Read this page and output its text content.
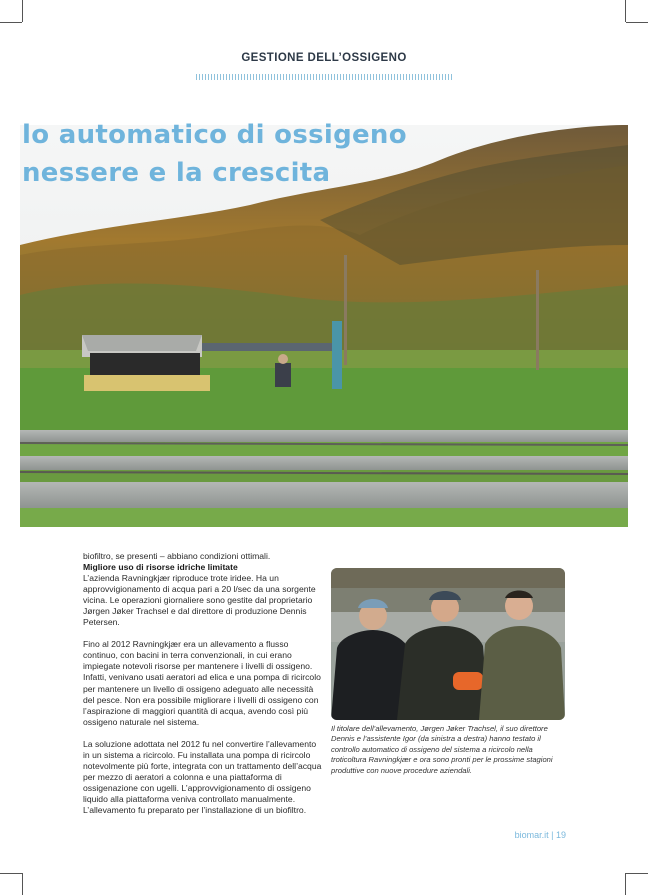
GESTIONE DELL’OSSIGENO
lo automatico di ossigeno
nessere e la crescita

biofiltro, se presenti – abbiano condizioni ottimali.
Migliore uso di risorse idriche limitate
L’azienda Ravningkjær riproduce trote iridee. Ha un approvvigionamento di acqua pari a 20 l/sec da una sorgente vicina. Le operazioni giornaliere sono gestite dal proprietario Jørgen Jøker Trachsel e dal direttore di produzione Dennis Petersen.

Fino al 2012 Ravningkjær era un allevamento a flusso continuo, con bacini in terra convenzionali, in cui erano impiegate notevoli risorse per mantenere i livelli di ossigeno. Infatti, venivano usati aeratori ad elica e una pompa di ricircolo per mantenere un livello di ossigeno adeguato alle necessità del pesce. Non era possibile migliorare i livelli di ossigeno con l’aspirazione di maggiori quantità di acqua, avendo così più ossigeno naturale nel sistema.

La soluzione adottata nel 2012 fu nel convertire l’allevamento in un sistema a ricircolo. Fu installata una pompa di ricircolo notevolmente più forte, integrata con un trattamento dell’acqua per mezzo di aeratori a colonna e una piattaforma di ossigenazione con ugelli. L’approvvigionamento di ossigeno liquido alla piattaforma veniva controllato manualmente. L’allevamento fu preparato per l’installazione di un biofiltro.

Il titolare dell’allevamento, Jørgen Jøker Trachsel, il suo direttore Dennis e l’assistente Igor (da sinistra a destra) hanno testato il controllo automatico di ossigeno del sistema a ricircolo nella troticoltura Ravningkjær e ora sono pronti per le prossime stagioni produttive con nuove procedure aziendali.
biomar.it | 19
